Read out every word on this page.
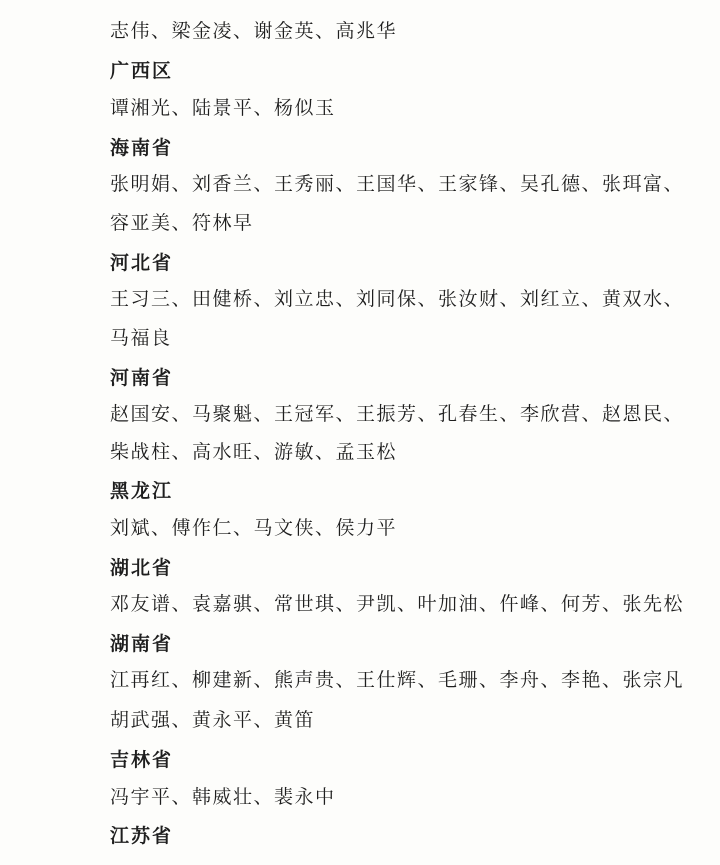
志伟、梁金凌、谢金英、高兆华
广西区
谭湘光、陆景平、杨似玉
海南省
张明娟、刘香兰、王秀丽、王国华、王家锋、吴孔德、张珥富、
容亚美、符林早
河北省
王习三、田健桥、刘立忠、刘同保、张汝财、刘红立、黄双水、
马福良
河南省
赵国安、马聚魁、王冠军、王振芳、孔春生、李欣营、赵恩民、
柴战柱、高水旺、游敏、孟玉松
黑龙江
刘斌、傅作仁、马文侠、侯力平
湖北省
邓友谱、袁嘉骐、常世琪、尹凯、叶加油、仵峰、何芳、张先松
湖南省
江再红、柳建新、熊声贵、王仕辉、毛珊、李舟、李艳、张宗凡
胡武强、黄永平、黄笛
吉林省
冯宇平、韩威壮、裴永中
江苏省
